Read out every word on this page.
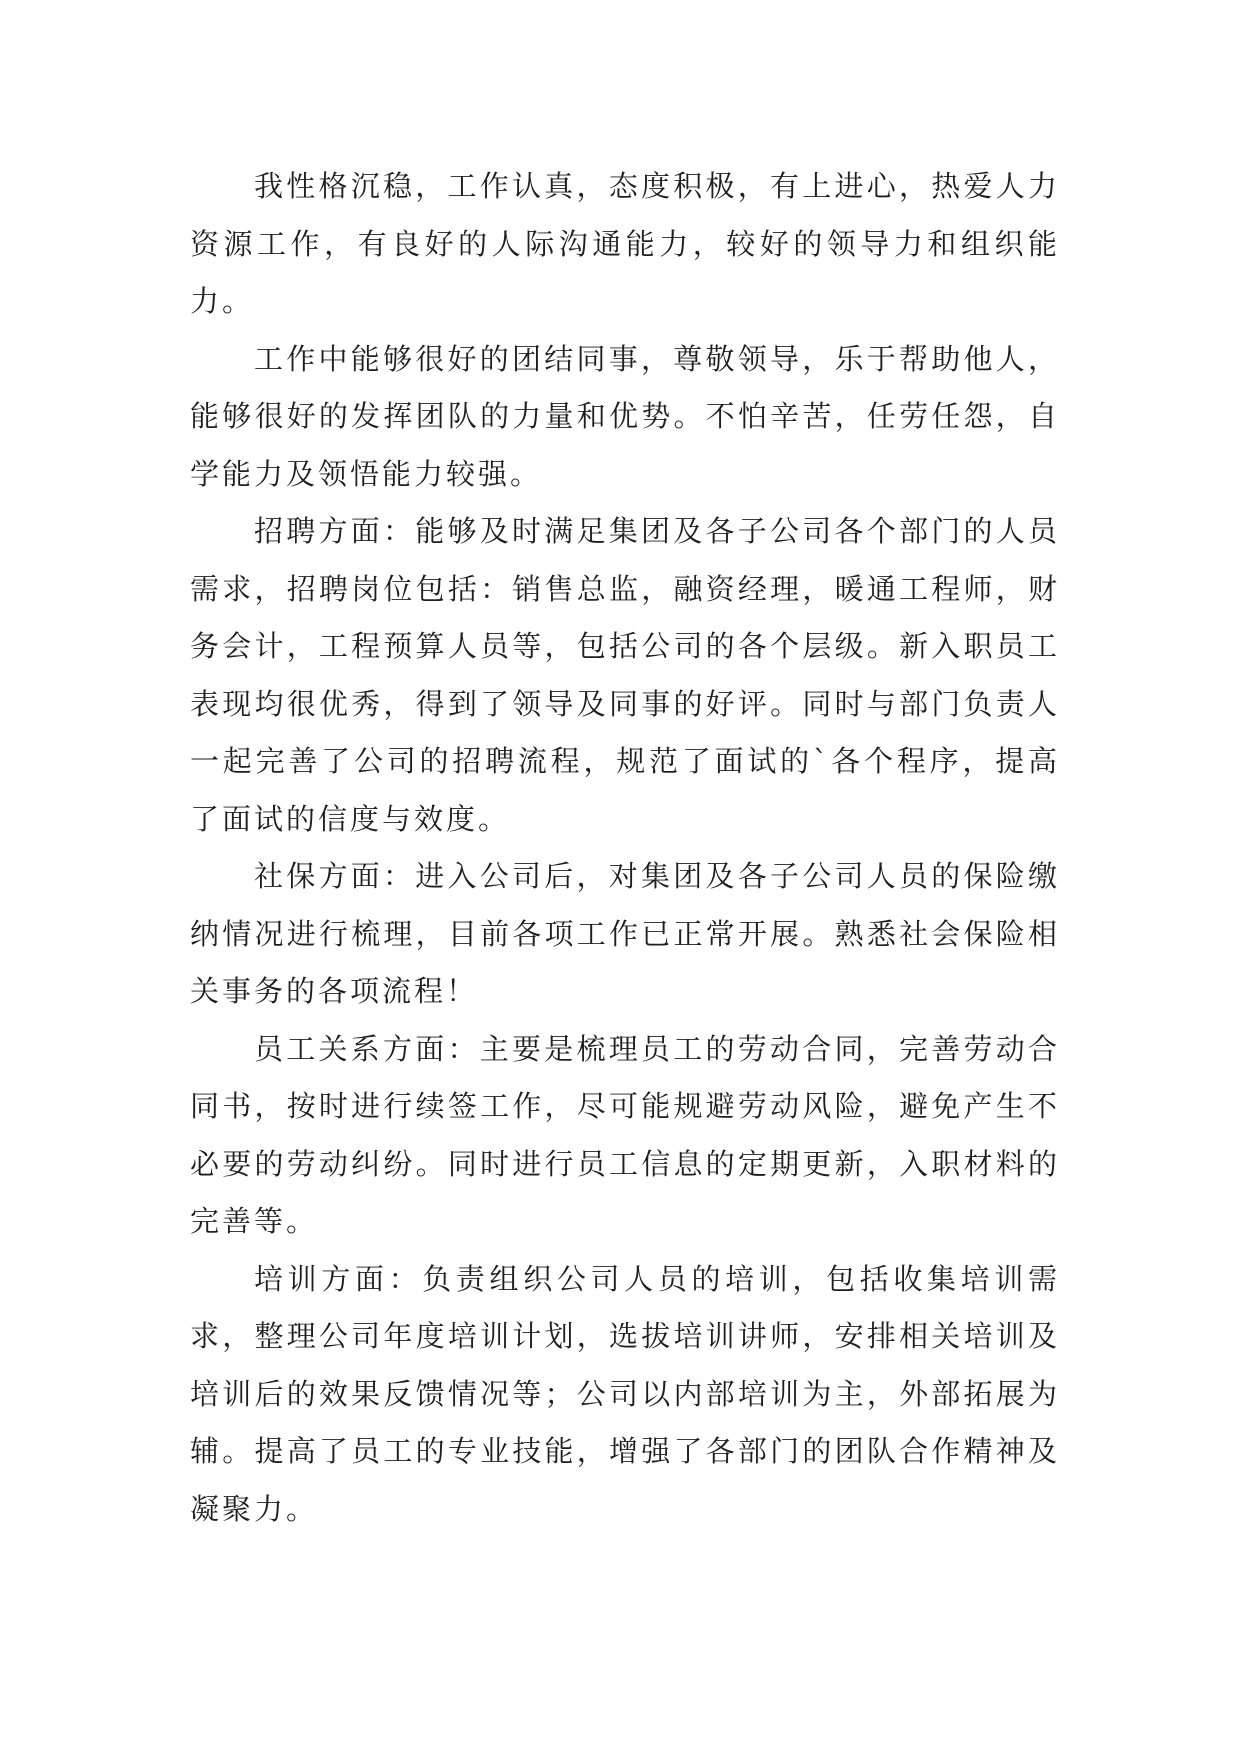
我性格沉稳，工作认真，态度积极，有上进心，热爱人力资源工作，有良好的人际沟通能力，较好的领导力和组织能力。

工作中能够很好的团结同事，尊敬领导，乐于帮助他人，能够很好的发挥团队的力量和优势。不怕辛苦，任劳任怨，自学能力及领悟能力较强。

招聘方面：能够及时满足集团及各子公司各个部门的人员需求，招聘岗位包括：销售总监，融资经理，暖通工程师，财务会计，工程预算人员等，包括公司的各个层级。新入职员工表现均很优秀，得到了领导及同事的好评。同时与部门负责人一起完善了公司的招聘流程，规范了面试的`各个程序，提高了面试的信度与效度。

社保方面：进入公司后，对集团及各子公司人员的保险缴纳情况进行梳理，目前各项工作已正常开展。熟悉社会保险相关事务的各项流程！

员工关系方面：主要是梳理员工的劳动合同，完善劳动合同书，按时进行续签工作，尽可能规避劳动风险，避免产生不必要的劳动纠纷。同时进行员工信息的定期更新，入职材料的完善等。

培训方面：负责组织公司人员的培训，包括收集培训需求，整理公司年度培训计划，选拔培训讲师，安排相关培训及培训后的效果反馈情况等；公司以内部培训为主，外部拓展为辅。提高了员工的专业技能，增强了各部门的团队合作精神及凝聚力。
